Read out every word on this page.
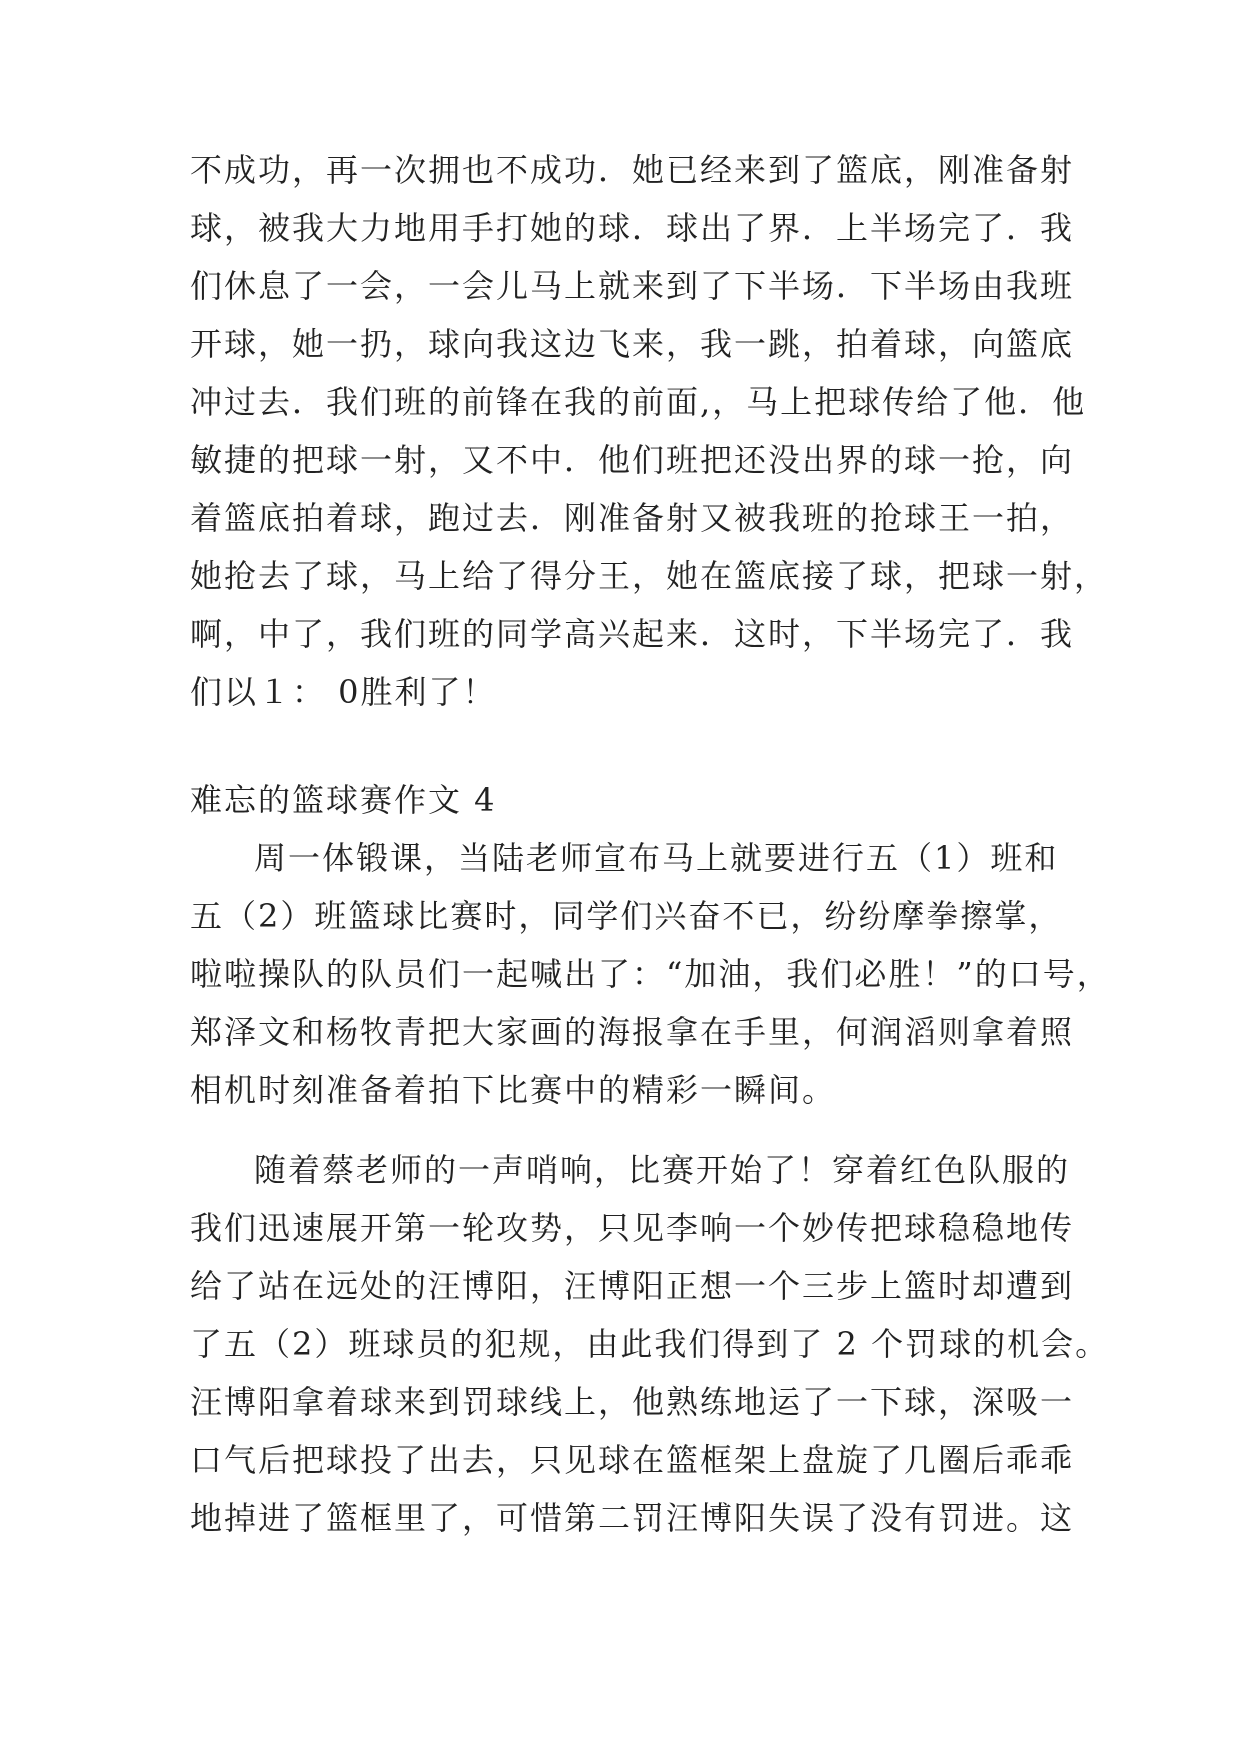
不成功，再一次拥也不成功．她已经来到了篮底，刚准备射
球，被我大力地用手打她的球．球出了界．上半场完了．我
们休息了一会，一会儿马上就来到了下半场．下半场由我班
开球，她一扔，球向我这边飞来，我一跳，拍着球，向篮底
冲过去．我们班的前锋在我的前面,，马上把球传给了他．他
敏捷的把球一射，又不中．他们班把还没出界的球一抢，向
着篮底拍着球，跑过去．刚准备射又被我班的抢球王一拍，
她抢去了球，马上给了得分王，她在篮底接了球，把球一射，
啊，中了，我们班的同学高兴起来．这时，下半场完了．我
们以１： 0胜利了！
难忘的篮球赛作文 4
周一体锻课，当陆老师宣布马上就要进行五（1）班和
五（2）班篮球比赛时，同学们兴奋不已，纷纷摩拳擦掌，
啦啦操队的队员们一起喊出了：“加油，我们必胜！”的口号，
郑泽文和杨牧青把大家画的海报拿在手里，何润滔则拿着照
相机时刻准备着拍下比赛中的精彩一瞬间。
随着蔡老师的一声哨响，比赛开始了！穿着红色队服的
我们迅速展开第一轮攻势，只见李响一个妙传把球稳稳地传
给了站在远处的汪博阳，汪博阳正想一个三步上篮时却遭到
了五（2）班球员的犯规，由此我们得到了 2 个罚球的机会。
汪博阳拿着球来到罚球线上，他熟练地运了一下球，深吸一
口气后把球投了出去，只见球在篮框架上盘旋了几圈后乖乖
地掉进了篮框里了，可惜第二罚汪博阳失误了没有罚进。这
